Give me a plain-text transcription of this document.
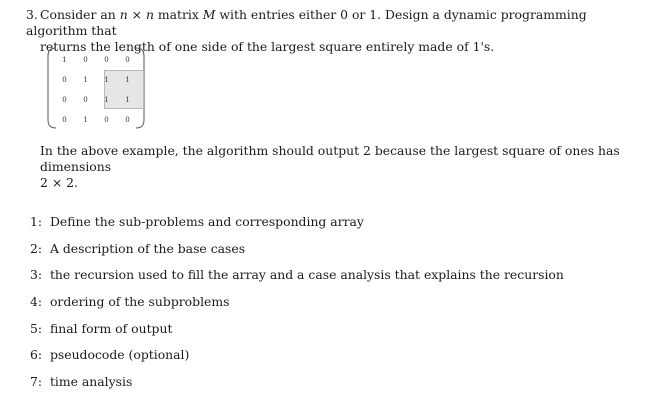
3. Consider an n × n matrix M with entries either 0 or 1. Design a dynamic programming algorithm that
returns the length of one side of the largest square entirely made of 1's.
1	0	0	0
0	1	1	1
0	0	1	1
0	1	0	0
In the above example, the algorithm should output 2 because the largest square of ones has dimensions
2 × 2.
1: Define the sub-problems and corresponding array
2: A description of the base cases
3: the recursion used to fill the array and a case analysis that explains the recursion
4: ordering of the subproblems
5: final form of output
6: pseudocode (optional)
7: time analysis
